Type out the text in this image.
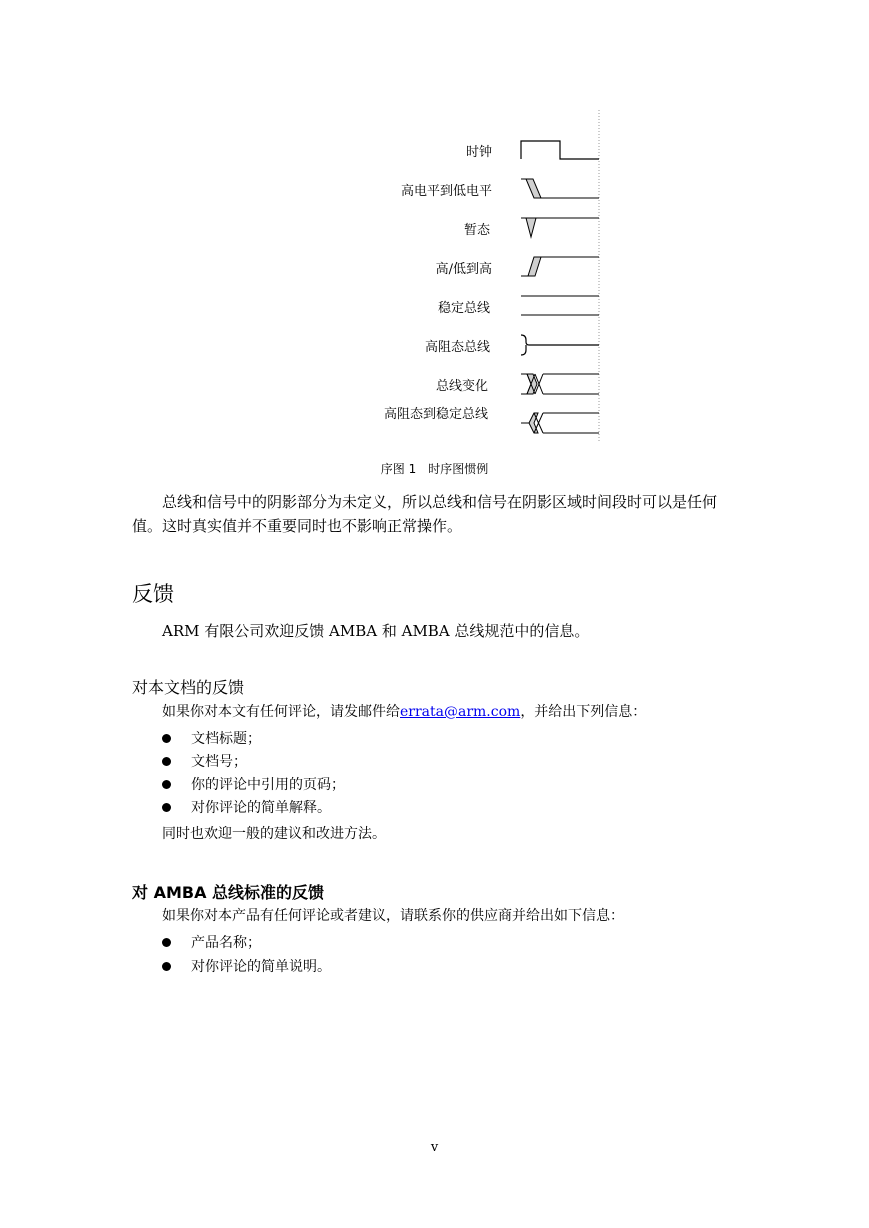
时钟
高电平到低电平
暂态
高/低到高
稳定总线
高阻态总线
总线变化
高阻态到稳定总线
序图 1　时序图惯例
总线和信号中的阴影部分为未定义，所以总线和信号在阴影区域时间段时可以是任何
值。这时真实值并不重要同时也不影响正常操作。
反馈
ARM 有限公司欢迎反馈 AMBA 和 AMBA 总线规范中的信息。
对本文档的反馈
如果你对本文有任何评论，请发邮件给errata@arm.com，并给出下列信息：
文档标题；
文档号；
你的评论中引用的页码；
对你评论的简单解释。
同时也欢迎一般的建议和改进方法。
对 AMBA 总线标准的反馈
如果你对本产品有任何评论或者建议，请联系你的供应商并给出如下信息：
产品名称；
对你评论的简单说明。
v
